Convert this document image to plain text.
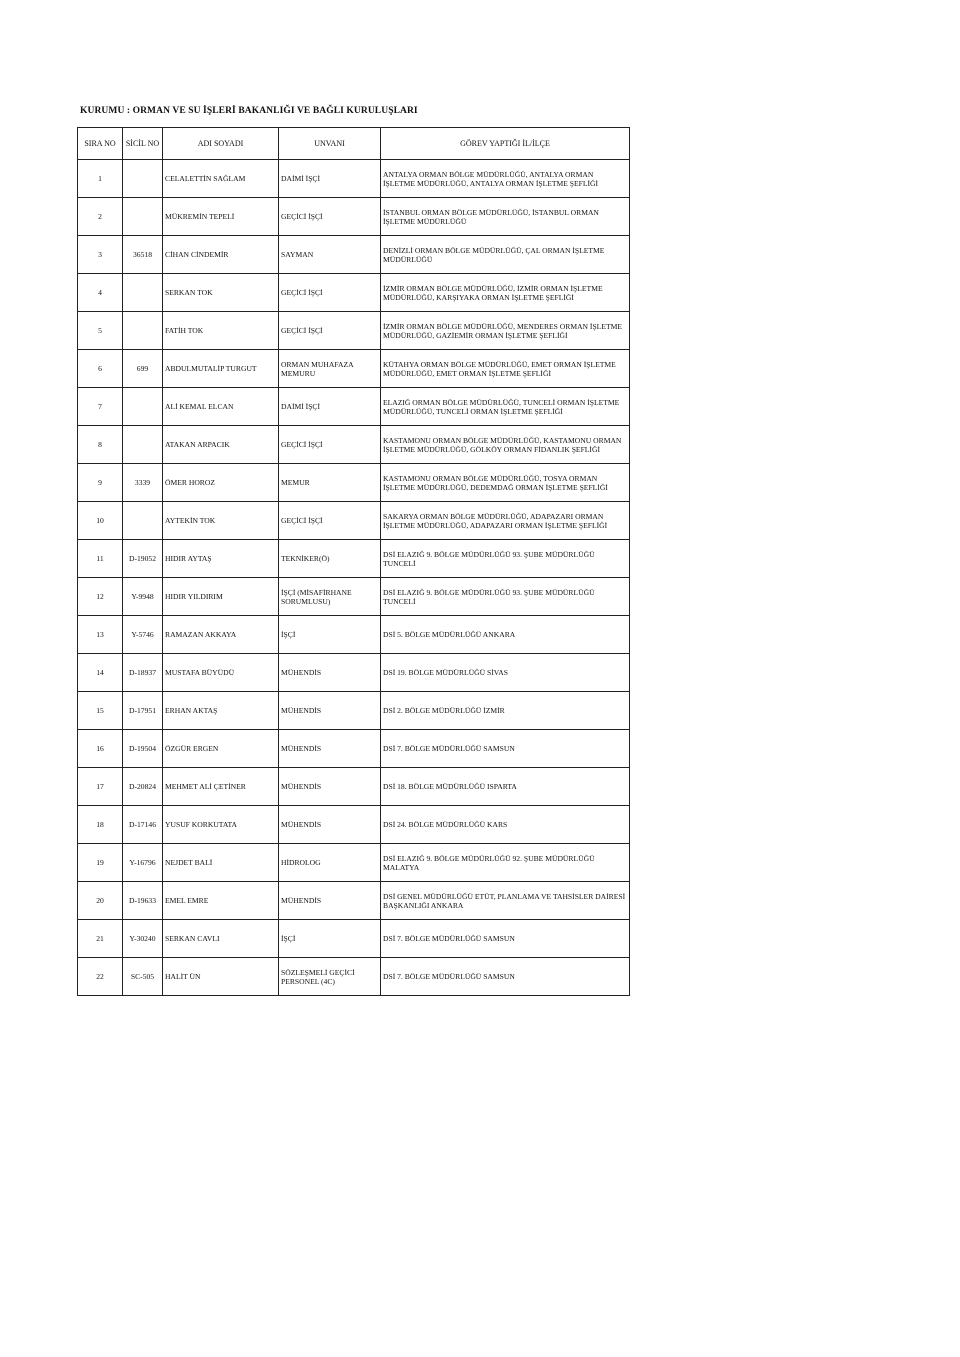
KURUMU : ORMAN VE SU İŞLERİ BAKANLIĞI VE BAĞLI KURULUŞLARI
SIRA NO	SİCİL NO	ADI SOYADI	UNVANI	GÖREV YAPTIĞI İL/İLÇE
1		CELALETTİN SAĞLAM	DAİMİ İŞÇİ	ANTALYA ORMAN BÖLGE MÜDÜRLÜĞÜ, ANTALYA ORMAN İŞLETME MÜDÜRLÜĞÜ, ANTALYA ORMAN İŞLETME ŞEFLİĞİ
2		MÜKREMİN TEPELİ	GEÇİCİ İŞÇİ	İSTANBUL ORMAN BÖLGE MÜDÜRLÜĞÜ, İSTANBUL ORMAN İŞLETME MÜDÜRLÜĞÜ
3	36518	CİHAN CİNDEMİR	SAYMAN	DENİZLİ ORMAN BÖLGE MÜDÜRLÜĞÜ, ÇAL ORMAN İŞLETME MÜDÜRLÜĞÜ
4		SERKAN TOK	GEÇİCİ İŞÇİ	İZMİR ORMAN BÖLGE MÜDÜRLÜĞÜ, İZMİR ORMAN İŞLETME MÜDÜRLÜĞÜ, KARŞIYAKA ORMAN İŞLETME ŞEFLİĞİ
5		FATİH TOK	GEÇİCİ İŞÇİ	İZMİR ORMAN BÖLGE MÜDÜRLÜĞÜ, MENDERES ORMAN İŞLETME MÜDÜRLÜĞÜ, GAZİEMİR ORMAN İŞLETME ŞEFLİĞİ
6	699	ABDULMUTALİP TURGUT	ORMAN MUHAFAZA MEMURU	KÜTAHYA ORMAN BÖLGE MÜDÜRLÜĞÜ, EMET ORMAN İŞLETME MÜDÜRLÜĞÜ, EMET ORMAN İŞLETME ŞEFLİĞİ
7		ALİ KEMAL ELCAN	DAİMİ İŞÇİ	ELAZIĞ ORMAN BÖLGE MÜDÜRLÜĞÜ, TUNCELİ ORMAN İŞLETME MÜDÜRLÜĞÜ, TUNCELİ ORMAN İŞLETME ŞEFLİĞİ
8		ATAKAN ARPACIK	GEÇİCİ İŞÇİ	KASTAMONU ORMAN BÖLGE MÜDÜRLÜĞÜ, KASTAMONU ORMAN İŞLETME MÜDÜRLÜĞÜ, GÖLKÖY ORMAN FİDANLIK ŞEFLİĞİ
9	3339	ÖMER HOROZ	MEMUR	KASTAMONU ORMAN BÖLGE MÜDÜRLÜĞÜ, TOSYA ORMAN İŞLETME MÜDÜRLÜĞÜ, DEDEMDAĞ ORMAN İŞLETME ŞEFLİĞİ
10		AYTEKİN TOK	GEÇİCİ İŞÇİ	SAKARYA ORMAN BÖLGE MÜDÜRLÜĞÜ, ADAPAZARI ORMAN İŞLETME MÜDÜRLÜĞÜ, ADAPAZARI ORMAN İŞLETME ŞEFLİĞİ
11	D-19052	HIDIR AYTAŞ	TEKNİKER(Ö)	DSİ ELAZIĞ 9. BÖLGE MÜDÜRLÜĞÜ 93. ŞUBE MÜDÜRLÜĞÜ TUNCELİ
12	Y-9948	HIDIR YILDIRIM	İŞÇİ (MİSAFİRHANE SORUMLUSU)	DSİ ELAZIĞ 9. BÖLGE MÜDÜRLÜĞÜ 93. ŞUBE MÜDÜRLÜĞÜ TUNCELİ
13	Y-5746	RAMAZAN AKKAYA	İŞÇİ	DSİ 5. BÖLGE MÜDÜRLÜĞÜ ANKARA
14	D-18937	MUSTAFA BÜYÜDÜ	MÜHENDİS	DSİ 19. BÖLGE MÜDÜRLÜĞÜ SİVAS
15	D-17951	ERHAN AKTAŞ	MÜHENDİS	DSİ 2. BÖLGE MÜDÜRLÜĞÜ İZMİR
16	D-19504	ÖZGÜR ERGEN	MÜHENDİS	DSİ 7. BÖLGE MÜDÜRLÜĞÜ SAMSUN
17	D-20824	MEHMET ALİ ÇETİNER	MÜHENDİS	DSİ 18. BÖLGE MÜDÜRLÜĞÜ ISPARTA
18	D-17146	YUSUF KORKUTATA	MÜHENDİS	DSİ 24. BÖLGE MÜDÜRLÜĞÜ KARS
19	Y-16796	NEJDET BALİ	HİDROLOG	DSİ ELAZIĞ 9. BÖLGE MÜDÜRLÜĞÜ 92. ŞUBE MÜDÜRLÜĞÜ MALATYA
20	D-19633	EMEL EMRE	MÜHENDİS	DSİ GENEL MÜDÜRLÜĞÜ ETÜT, PLANLAMA VE TAHSİSLER DAİRESİ BAŞKANLIĞI ANKARA
21	Y-30240	SERKAN CAVLI	İŞÇİ	DSİ 7. BÖLGE MÜDÜRLÜĞÜ SAMSUN
22	SC-505	HALİT ÜN	SÖZLEŞMELİ GEÇİCİ PERSONEL (4C)	DSİ 7. BÖLGE MÜDÜRLÜĞÜ SAMSUN
